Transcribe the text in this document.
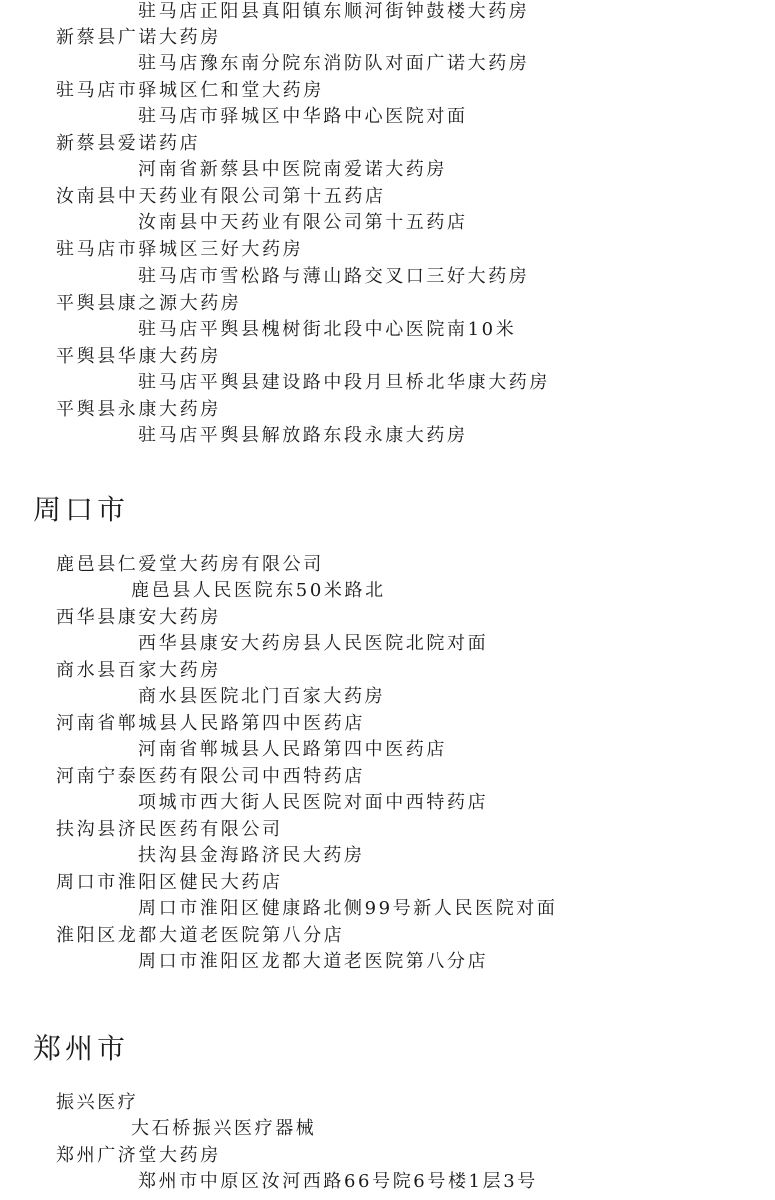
驻马店正阳县真阳镇东顺河街钟鼓楼大药房
新蔡县广诺大药房
驻马店豫东南分院东消防队对面广诺大药房
驻马店市驿城区仁和堂大药房
驻马店市驿城区中华路中心医院对面
新蔡县爱诺药店
河南省新蔡县中医院南爱诺大药房
汝南县中天药业有限公司第十五药店
汝南县中天药业有限公司第十五药店
驻马店市驿城区三好大药房
驻马店市雪松路与薄山路交叉口三好大药房
平舆县康之源大药房
驻马店平舆县槐树街北段中心医院南10米
平舆县华康大药房
驻马店平舆县建设路中段月旦桥北华康大药房
平舆县永康大药房
驻马店平舆县解放路东段永康大药房
周口市
鹿邑县仁爱堂大药房有限公司
鹿邑县人民医院东50米路北
西华县康安大药房
西华县康安大药房县人民医院北院对面
商水县百家大药房
商水县医院北门百家大药房
河南省郸城县人民路第四中医药店
河南省郸城县人民路第四中医药店
河南宁泰医药有限公司中西特药店
项城市西大街人民医院对面中西特药店
扶沟县济民医药有限公司
扶沟县金海路济民大药房
周口市淮阳区健民大药店
周口市淮阳区健康路北侧99号新人民医院对面
淮阳区龙都大道老医院第八分店
周口市淮阳区龙都大道老医院第八分店
郑州市
振兴医疗
大石桥振兴医疗器械
郑州广济堂大药房
郑州市中原区汝河西路66号院6号楼1层3号
